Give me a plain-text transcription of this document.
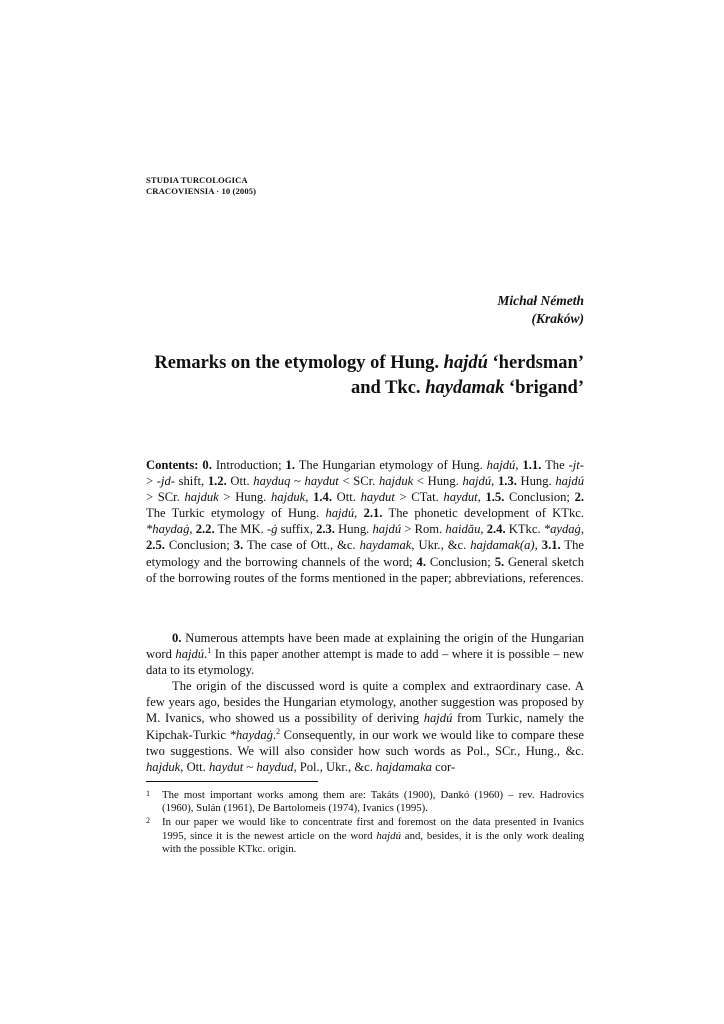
STUDIA TURCOLOGICA
CRACOVIENSIA · 10 (2005)
Michał Németh
(Kraków)
Remarks on the etymology of Hung. hajdú ‘herdsman’
and Tkc. haydamak ‘brigand’
Contents: 0. Introduction; 1. The Hungarian etymology of Hung. hajdú, 1.1. The -jt- > -jd- shift, 1.2. Ott. hayduq ~ haydut < SCr. hajduk < Hung. hajdú, 1.3. Hung. hajdú > SCr. hajduk > Hung. hajduk, 1.4. Ott. haydut > CTat. haydut, 1.5. Conclusion; 2. The Turkic etymology of Hung. hajdú, 2.1. The phonetic development of KTkc. *haydaġ, 2.2. The MK. -ġ suffix, 2.3. Hung. hajdú > Rom. haidău, 2.4. KTkc. *aydaġ, 2.5. Conclusion; 3. The case of Ott., &c. haydamak, Ukr., &c. hajdamak(a), 3.1. The etymology and the borrowing channels of the word; 4. Conclusion; 5. General sketch of the borrowing routes of the forms mentioned in the paper; abbreviations, references.

0. Numerous attempts have been made at explaining the origin of the Hungarian word hajdú.$^1$ In this paper another attempt is made to add – where it is possible – new data to its etymology.

The origin of the discussed word is quite a complex and extraordinary case. A few years ago, besides the Hungarian etymology, another suggestion was proposed by M. Ivanics, who showed us a possibility of deriving hajdú from Turkic, namely the Kipchak-Turkic *haydaġ.$^2$ Consequently, in our work we would like to compare these two suggestions. We will also consider how such words as Pol., SCr., Hung., &c. hajduk, Ott. haydut ~ haydud, Pol., Ukr., &c. hajdamaka cor-

1 The most important works among them are: Takáts (1900), Dankó (1960) – rev. Hadrovics (1960), Sulán (1961), De Bartolomeis (1974), Ivanics (1995).
2 In our paper we would like to concentrate first and foremost on the data presented in Ivanics 1995, since it is the newest article on the word hajdú and, besides, it is the only work dealing with the possible KTkc. origin.
